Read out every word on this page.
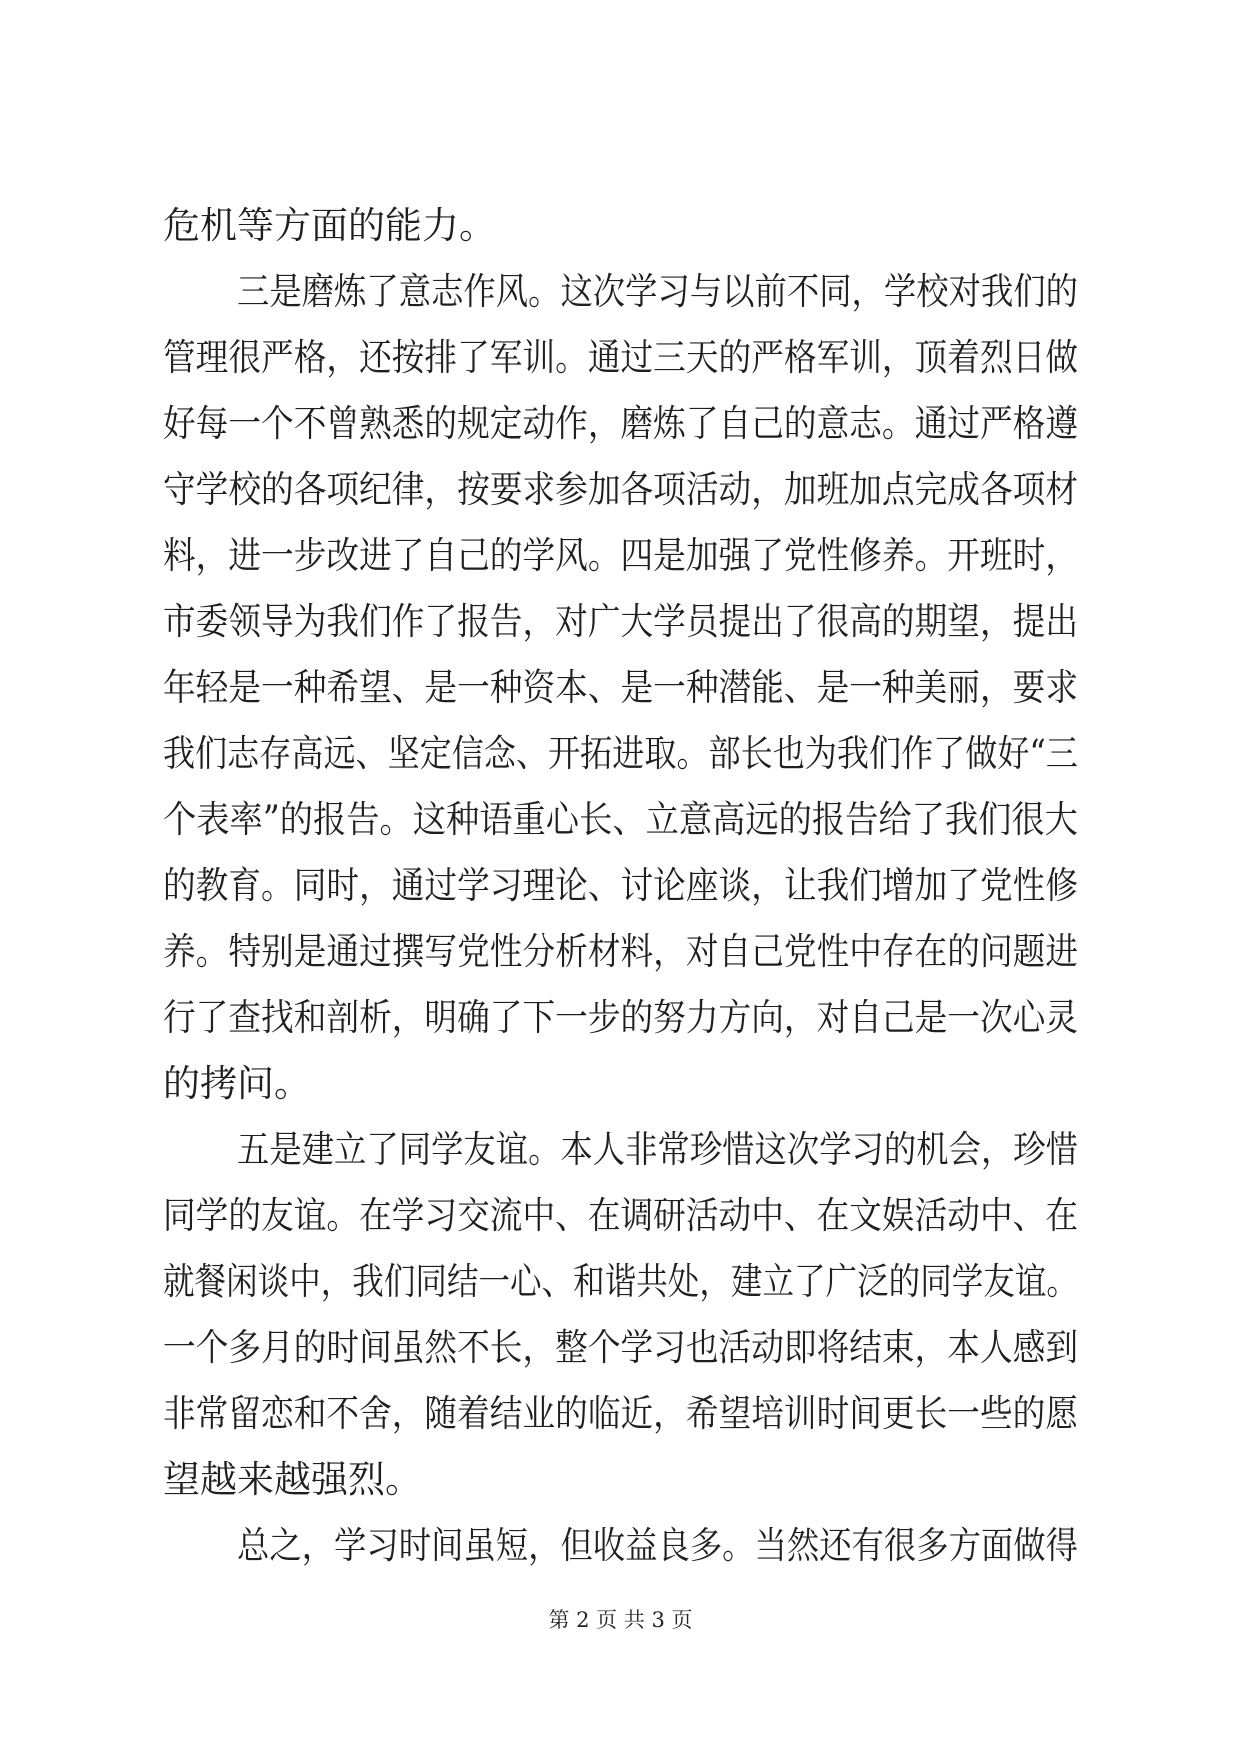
危机等方面的能力。
三是磨炼了意志作风。这次学习与以前不同，学校对我们的
管理很严格，还按排了军训。通过三天的严格军训，顶着烈日做
好每一个不曾熟悉的规定动作，磨炼了自己的意志。通过严格遵
守学校的各项纪律，按要求参加各项活动，加班加点完成各项材
料，进一步改进了自己的学风。四是加强了党性修养。开班时，
市委领导为我们作了报告，对广大学员提出了很高的期望，提出
年轻是一种希望、是一种资本、是一种潜能、是一种美丽，要求
我们志存高远、坚定信念、开拓进取。部长也为我们作了做好“三
个表率”的报告。这种语重心长、立意高远的报告给了我们很大
的教育。同时，通过学习理论、讨论座谈，让我们增加了党性修
养。特别是通过撰写党性分析材料，对自己党性中存在的问题进
行了查找和剖析，明确了下一步的努力方向，对自己是一次心灵
的拷问。
五是建立了同学友谊。本人非常珍惜这次学习的机会，珍惜
同学的友谊。在学习交流中、在调研活动中、在文娱活动中、在
就餐闲谈中，我们同结一心、和谐共处，建立了广泛的同学友谊。
一个多月的时间虽然不长，整个学习也活动即将结束，本人感到
非常留恋和不舍，随着结业的临近，希望培训时间更长一些的愿
望越来越强烈。
总之，学习时间虽短，但收益良多。当然还有很多方面做得
第 2 页 共 3 页
